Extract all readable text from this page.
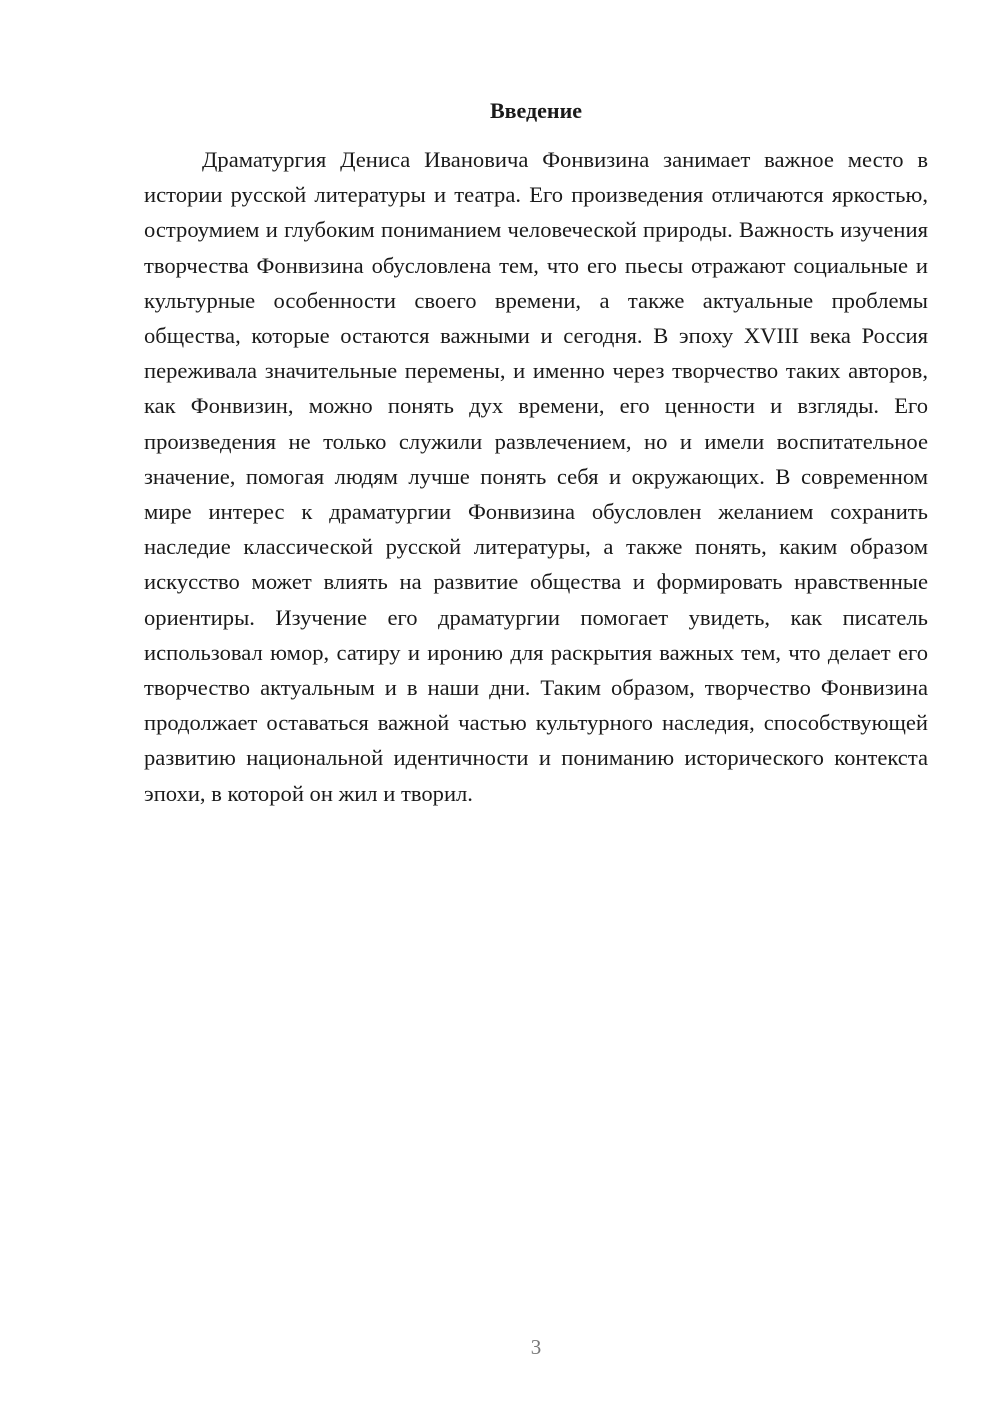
Введение

Драматургия Дениса Ивановича Фонвизина занимает важное место в истории русской литературы и театра. Его произведения отличаются яркостью, остроумием и глубоким пониманием человеческой природы. Важность изучения творчества Фонвизина обусловлена тем, что его пьесы отражают социальные и культурные особенности своего времени, а также актуальные проблемы общества, которые остаются важными и сегодня. В эпоху XVIII века Россия переживала значительные перемены, и именно через творчество таких авторов, как Фонвизин, можно понять дух времени, его ценности и взгляды. Его произведения не только служили развлечением, но и имели воспитательное значение, помогая людям лучше понять себя и окружающих. В современном мире интерес к драматургии Фонвизина обусловлен желанием сохранить наследие классической русской литературы, а также понять, каким образом искусство может влиять на развитие общества и формировать нравственные ориентиры. Изучение его драматургии помогает увидеть, как писатель использовал юмор, сатиру и иронию для раскрытия важных тем, что делает его творчество актуальным и в наши дни. Таким образом, творчество Фонвизина продолжает оставаться важной частью культурного наследия, способствующей развитию национальной идентичности и пониманию исторического контекста эпохи, в которой он жил и творил.

3
